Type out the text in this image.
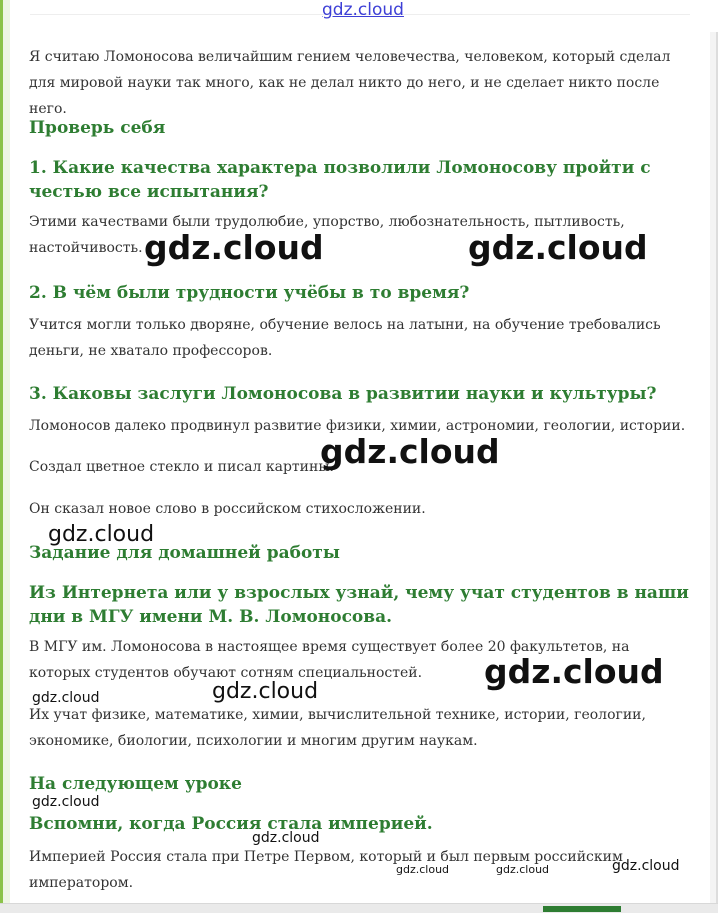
Я считаю Ломоносова величайшим гением человечества, человеком, который сделал для мировой науки так много, как не делал никто до него, и не сделает никто после него.

Проверь себя
1. Какие качества характера позволили Ломоносову пройти с честью все испытания?

Этими качествами были трудолюбие, упорство, любознательность, пытливость, настойчивость.

2. В чём были трудности учёбы в то время?

Учится могли только дворяне, обучение велось на латыни, на обучение требовались деньги, не хватало профессоров.

3. Каковы заслуги Ломоносова в развитии науки и культуры?

Ломоносов далеко продвинул развитие физики, химии, астрономии, геологии, истории.

Создал цветное стекло и писал картины.

Он сказал новое слово в российском стихосложении.

Задание для домашней работы
Из Интернета или у взрослых узнай, чему учат студентов в наши дни в МГУ имени М. В. Ломоносова.

В МГУ им. Ломоносова в настоящее время существует более 20 факультетов, на которых студентов обучают сотням специальностей.

Их учат физике, математике, химии, вычислительной технике, истории, геологии, экономике, биологии, психологии и многим другим наукам.

На следующем уроке
Вспомни, когда Россия стала империей.

Империей Россия стала при Петре Первом, который и был первым российским императором.

gdz.cloud
gdz.cloud	gdz.cloud
gdz.cloud
gdz.cloud
gdz.cloud
gdz.cloud
gdz.cloud
gdz.cloud
gdz.cloud
gdz.cloud
gdz.cloud	gdz.cloud
